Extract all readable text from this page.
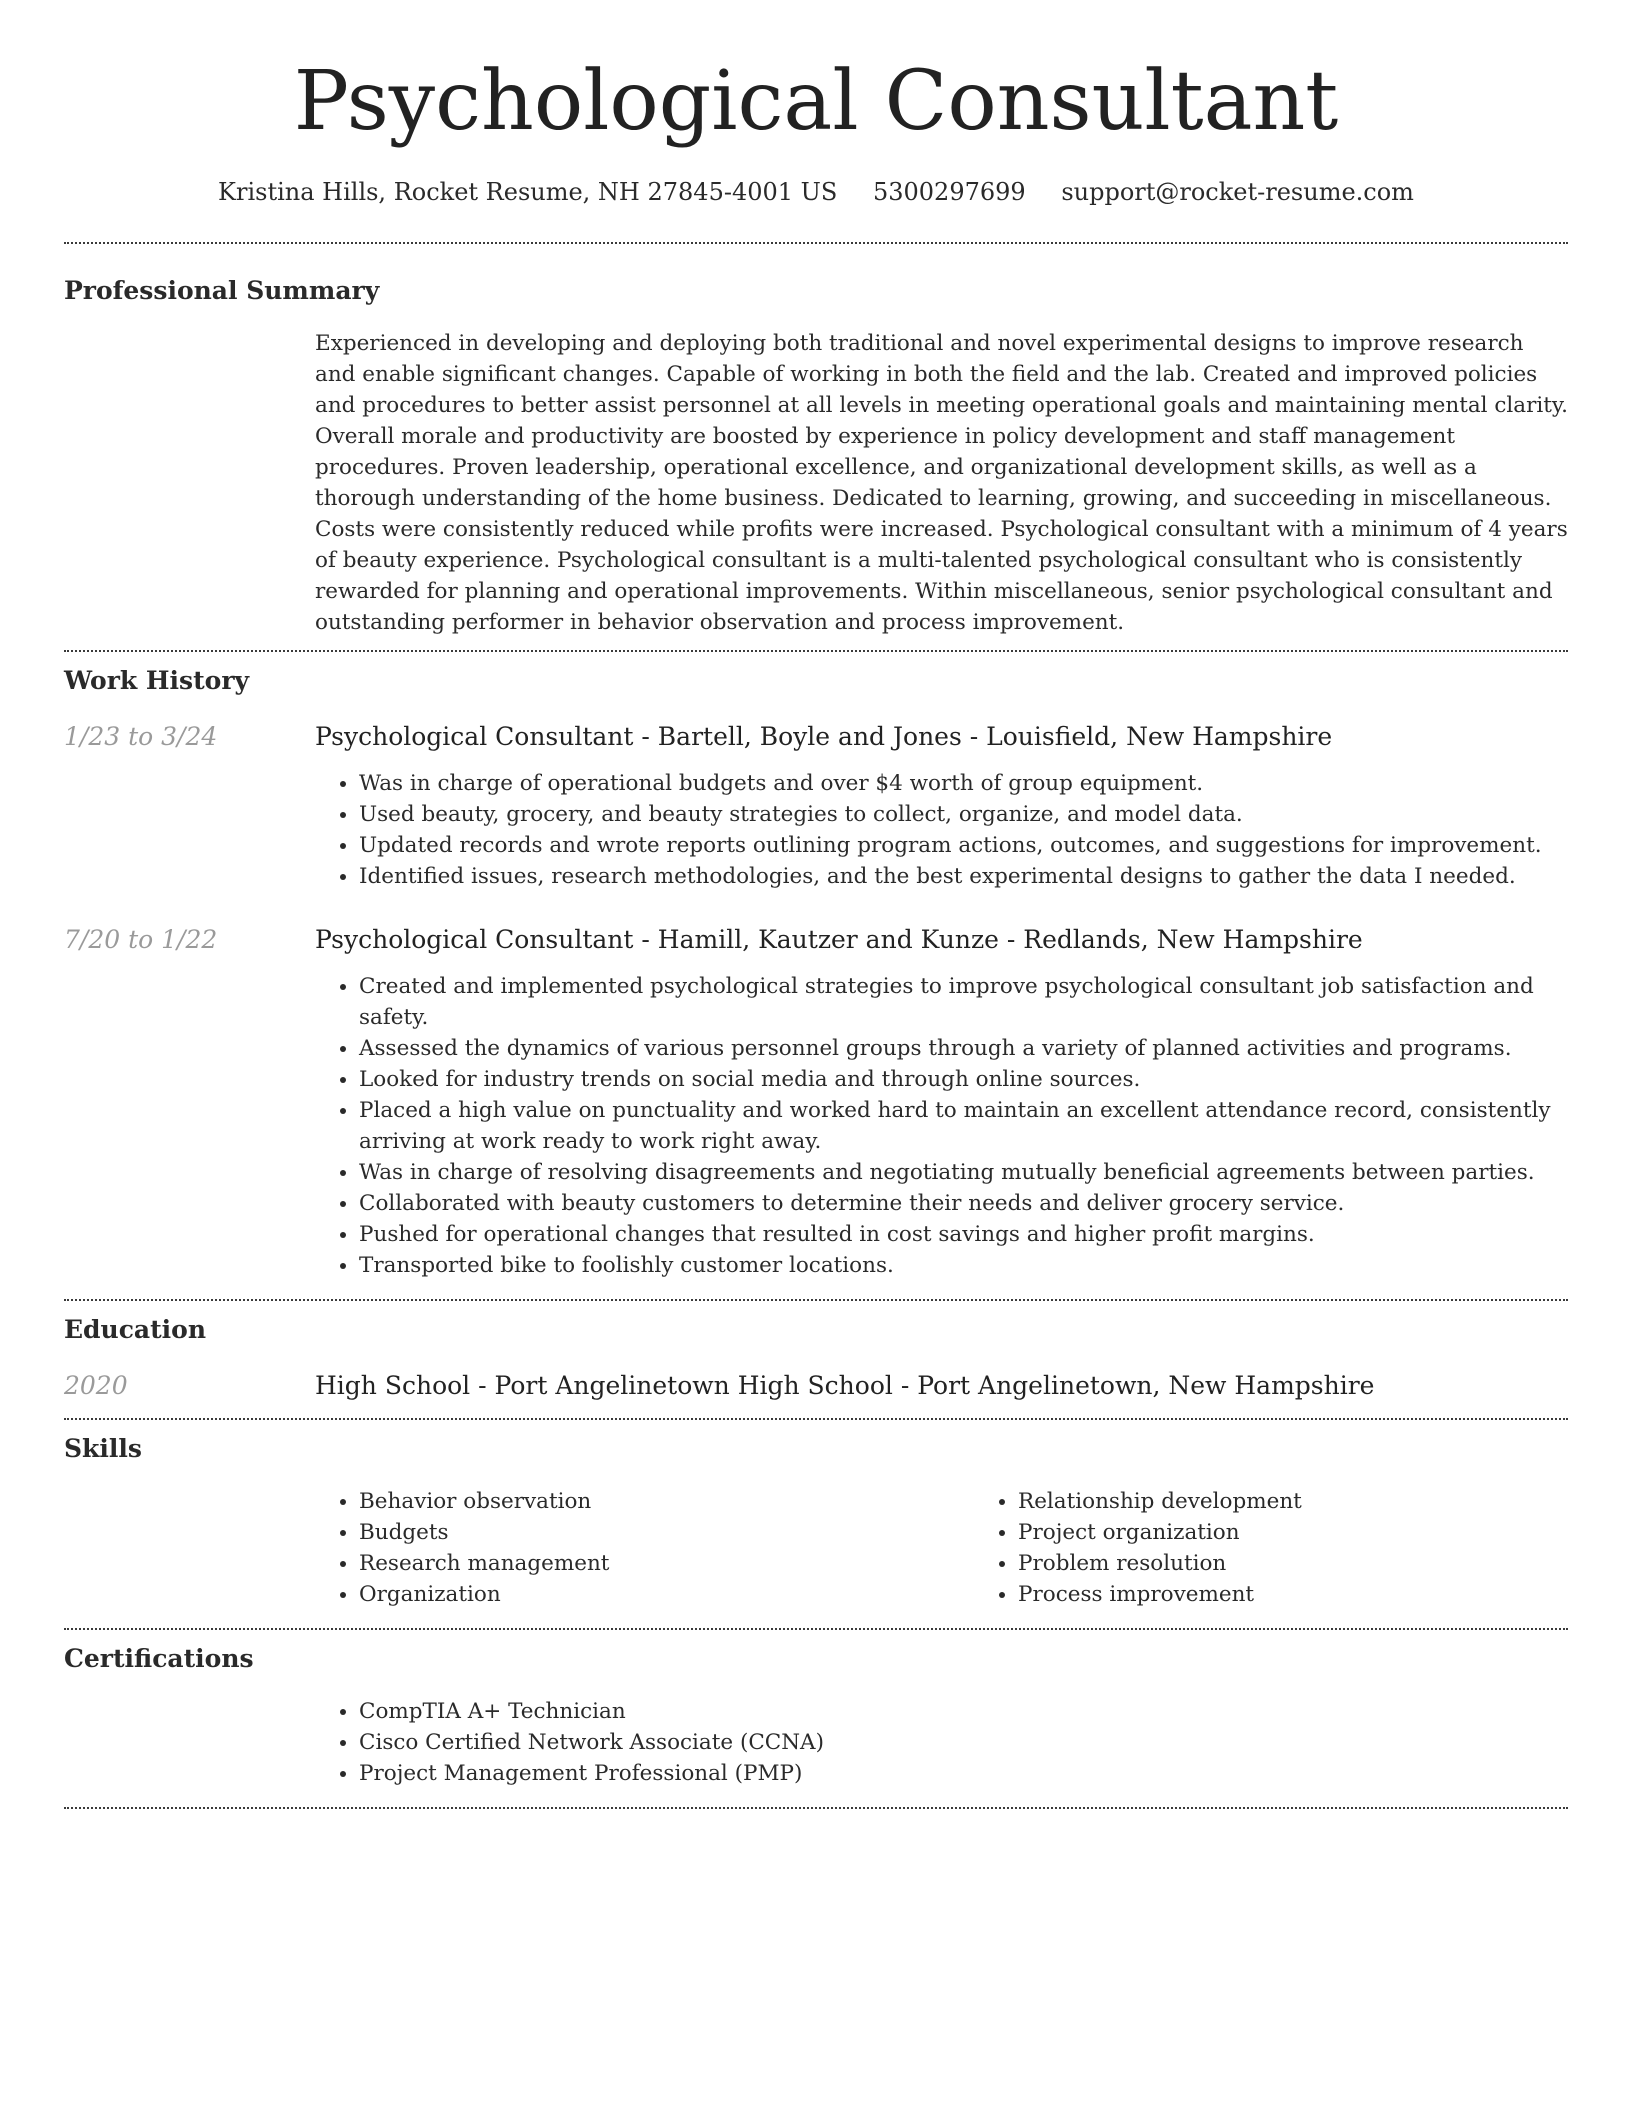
Psychological Consultant
Kristina Hills, Rocket Resume, NH 27845-4001 US 5300297699 support@rocket-resume.com
Professional Summary

Experienced in developing and deploying both traditional and novel experimental designs to improve research and enable significant changes. Capable of working in both the field and the lab. Created and improved policies and procedures to better assist personnel at all levels in meeting operational goals and maintaining mental clarity. Overall morale and productivity are boosted by experience in policy development and staff management procedures. Proven leadership, operational excellence, and organizational development skills, as well as a thorough understanding of the home business. Dedicated to learning, growing, and succeeding in miscellaneous. Costs were consistently reduced while profits were increased. Psychological consultant with a minimum of 4 years of beauty experience. Psychological consultant is a multi-talented psychological consultant who is consistently rewarded for planning and operational improvements. Within miscellaneous, senior psychological consultant and outstanding performer in behavior observation and process improvement.

Work History
1/23 to 3/24	Psychological Consultant - Bartell, Boyle and Jones - Louisfield, New Hampshire
• Was in charge of operational budgets and over $4 worth of group equipment.
• Used beauty, grocery, and beauty strategies to collect, organize, and model data.
• Updated records and wrote reports outlining program actions, outcomes, and suggestions for improvement.
• Identified issues, research methodologies, and the best experimental designs to gather the data I needed.
7/20 to 1/22	Psychological Consultant - Hamill, Kautzer and Kunze - Redlands, New Hampshire
• Created and implemented psychological strategies to improve psychological consultant job satisfaction and safety.
• Assessed the dynamics of various personnel groups through a variety of planned activities and programs.
• Looked for industry trends on social media and through online sources.
• Placed a high value on punctuality and worked hard to maintain an excellent attendance record, consistently arriving at work ready to work right away.
• Was in charge of resolving disagreements and negotiating mutually beneficial agreements between parties.
• Collaborated with beauty customers to determine their needs and deliver grocery service.
• Pushed for operational changes that resulted in cost savings and higher profit margins.
• Transported bike to foolishly customer locations.
Education
2020	High School - Port Angelinetown High School - Port Angelinetown, New Hampshire
Skills
• Behavior observation
• Budgets
• Research management
• Organization
• Relationship development
• Project organization
• Problem resolution
• Process improvement
Certifications
• CompTIA A+ Technician
• Cisco Certified Network Associate (CCNA)
• Project Management Professional (PMP)
